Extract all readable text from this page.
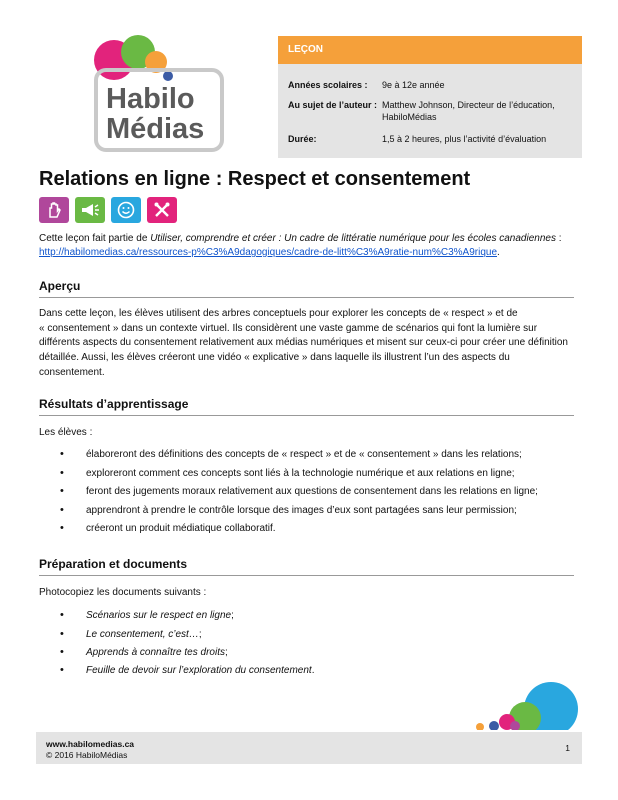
Habilo
Médias
LEÇON
Années scolaires :	9e à 12e année
Au sujet de l’auteur : Matthew Johnson, Directeur de l’éducation, HabiloMédias
Durée:	1,5 à 2 heures, plus l’activité d’évaluation
Relations en ligne : Respect et consentement
Cette leçon fait partie de Utiliser, comprendre et créer : Un cadre de littératie numérique pour les écoles canadiennes :
http://habilomedias.ca/ressources-p%C3%A9dagogiques/cadre-de-litt%C3%A9ratie-num%C3%A9rique.
Aperçu
Dans cette leçon, les élèves utilisent des arbres conceptuels pour explorer les concepts de « respect » et de
« consentement » dans un contexte virtuel. Ils considèrent une vaste gamme de scénarios qui font la lumière sur
différents aspects du consentement relativement aux médias numériques et misent sur ceux-ci pour créer une définition
détaillée. Aussi, les élèves créeront une vidéo « explicative » dans laquelle ils illustrent l’un des aspects du
consentement.
Résultats d’apprentissage
Les élèves :
• élaboreront des définitions des concepts de « respect » et de « consentement » dans les relations;
• exploreront comment ces concepts sont liés à la technologie numérique et aux relations en ligne;
• feront des jugements moraux relativement aux questions de consentement dans les relations en ligne;
• apprendront à prendre le contrôle lorsque des images d’eux sont partagées sans leur permission;
• créeront un produit médiatique collaboratif.
Préparation et documents
Photocopiez les documents suivants :
• Scénarios sur le respect en ligne;
• Le consentement, c’est…;
• Apprends à connaître tes droits;
• Feuille de devoir sur l’exploration du consentement.
www.habilomedias.ca
© 2016 HabiloMédias
1
